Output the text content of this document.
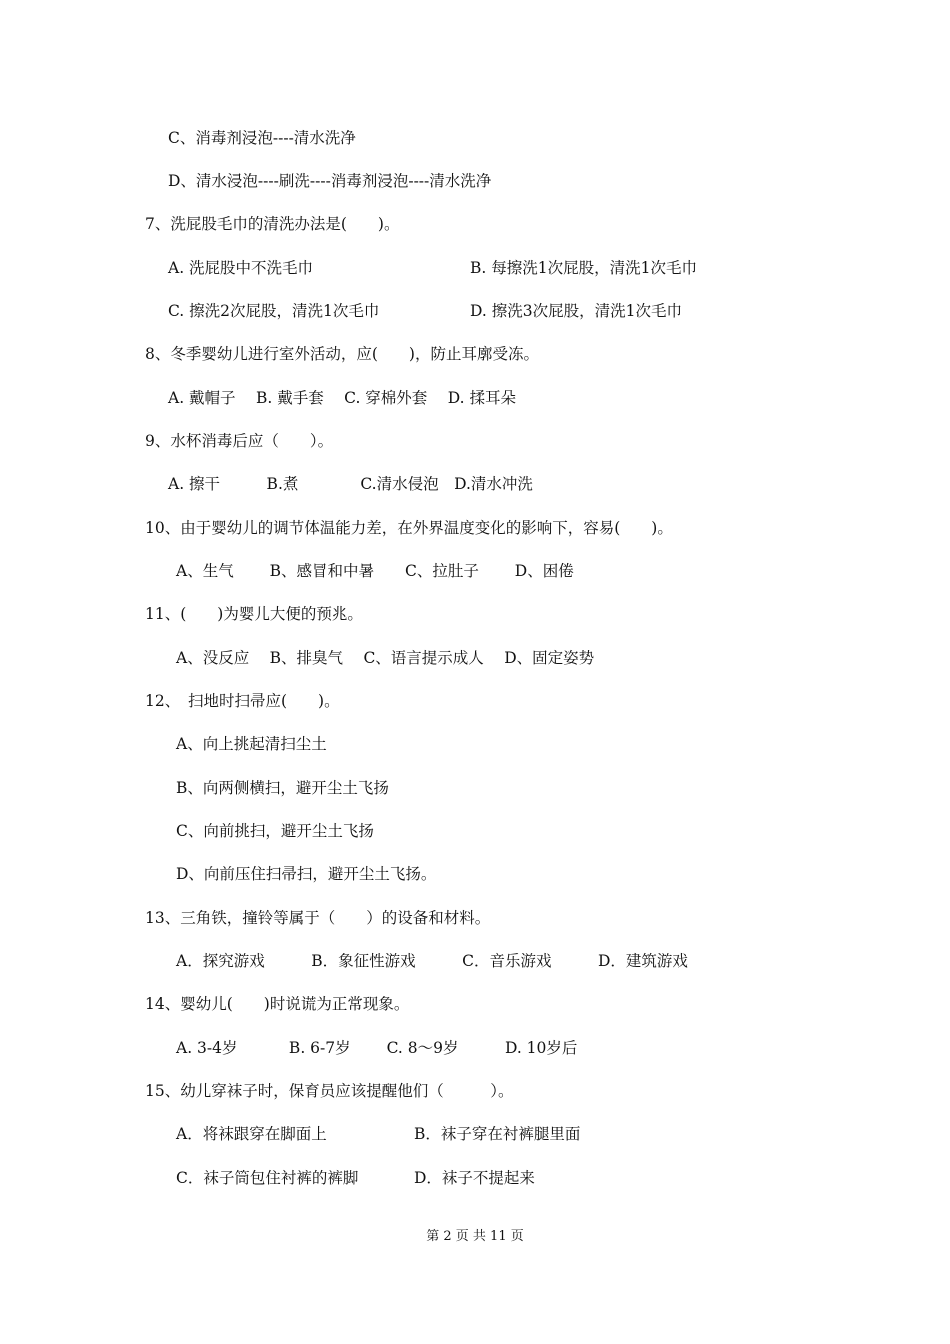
C、消毒剂浸泡----清水洗净
D、清水浸泡----刷洗----消毒剂浸泡----清水洗净
7、洗屁股毛巾的清洗办法是(　　)。
A. 洗屁股中不洗毛巾	B. 每擦洗1次屁股，清洗1次毛巾
C. 擦洗2次屁股，清洗1次毛巾	D. 擦洗3次屁股，清洗1次毛巾
8、冬季婴幼儿进行室外活动，应(　　)，防止耳廓受冻。
A. 戴帽子　 B. 戴手套　 C. 穿棉外套　 D. 揉耳朵
9、水杯消毒后应（　　）。
A. 擦干　　　B.煮　　　　C.清水侵泡　D.清水冲洗
10、由于婴幼儿的调节体温能力差，在外界温度变化的影响下，容易(　　)。
A、生气　　 B、感冒和中暑　　C、拉肚子　　 D、困倦
11、(　　)为婴儿大便的预兆。
A、没反应　 B、排臭气　 C、语言提示成人　 D、固定姿势
12、　扫地时扫帚应(　　)。
A、向上挑起清扫尘土
B、向两侧横扫，避开尘土飞扬
C、向前挑扫，避开尘土飞扬
D、向前压住扫帚扫，避开尘土飞扬。
13、三角铁，撞铃等属于（　　）的设备和材料。
A．探究游戏　　　B．象征性游戏　　　C．音乐游戏　　　D．建筑游戏
14、婴幼儿(　　)时说谎为正常现象。
A. 3-4岁　　　 B. 6-7岁　　 C. 8～9岁　　　D. 10岁后
15、幼儿穿袜子时，保育员应该提醒他们（　　　）。
A．将袜跟穿在脚面上	B．袜子穿在衬裤腿里面
C．袜子筒包住衬裤的裤脚	D．袜子不提起来
第 2 页 共 11 页
